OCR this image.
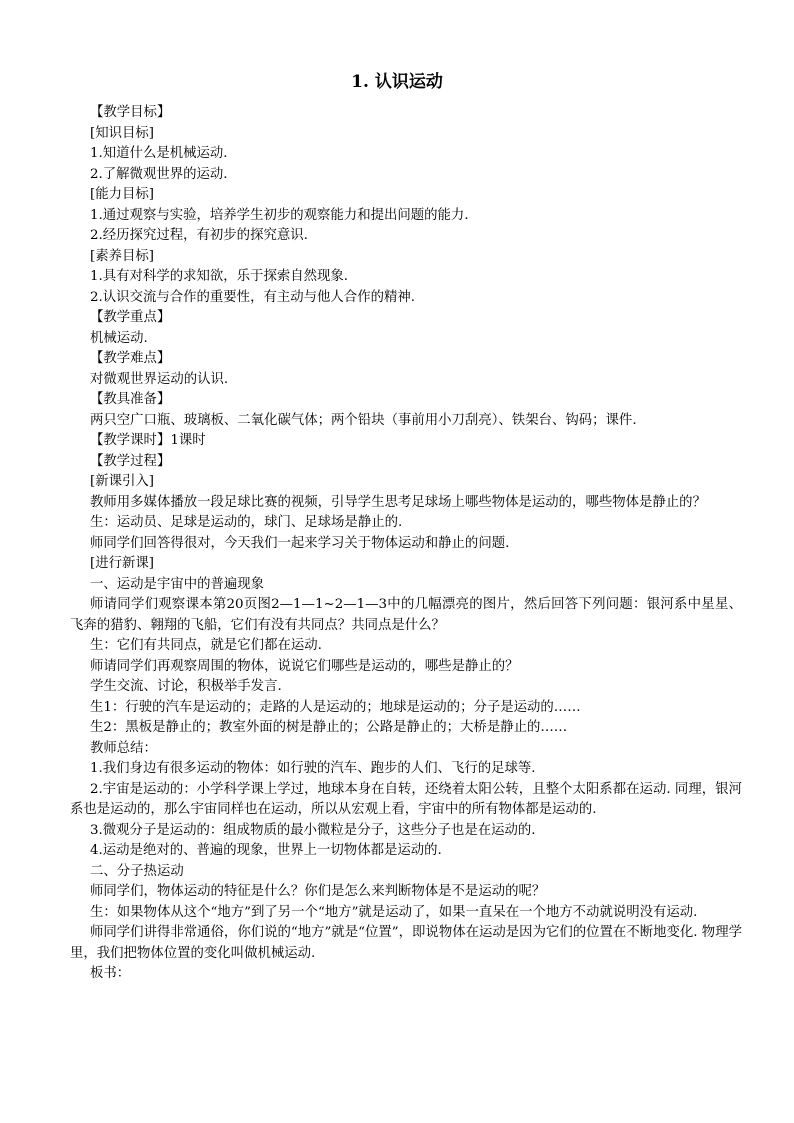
1. 认识运动

【教学目标】

[知识目标]

1.知道什么是机械运动.

2.了解微观世界的运动.

[能力目标]

1.通过观察与实验，培养学生初步的观察能力和提出问题的能力.

2.经历探究过程，有初步的探究意识.

[素养目标]

1.具有对科学的求知欲，乐于探索自然现象.

2.认识交流与合作的重要性，有主动与他人合作的精神.

【教学重点】

机械运动.

【教学难点】

对微观世界运动的认识.

【教具准备】

两只空广口瓶、玻璃板、二氧化碳气体；两个铅块（事前用小刀刮亮）、铁架台、钩码；课件.

【教学课时】1课时

【教学过程】

[新课引入]

教师用多媒体播放一段足球比赛的视频，引导学生思考足球场上哪些物体是运动的，哪些物体是静止的？

生：运动员、足球是运动的，球门、足球场是静止的.

师同学们回答得很对，今天我们一起来学习关于物体运动和静止的问题.

[进行新课]

一、运动是宇宙中的普遍现象

师请同学们观察课本第20页图2—1—1~2—1—3中的几幅漂亮的图片，然后回答下列问题：银河系中星星、飞奔的猎豹、翱翔的飞船，它们有没有共同点？共同点是什么？

生：它们有共同点，就是它们都在运动.

师请同学们再观察周围的物体，说说它们哪些是运动的，哪些是静止的？

学生交流、讨论，积极举手发言.

生1：行驶的汽车是运动的；走路的人是运动的；地球是运动的；分子是运动的……

生2：黑板是静止的；教室外面的树是静止的；公路是静止的；大桥是静止的……

教师总结：

1.我们身边有很多运动的物体：如行驶的汽车、跑步的人们、飞行的足球等.

2.宇宙是运动的：小学科学课上学过，地球本身在自转，还绕着太阳公转，且整个太阳系都在运动. 同理，银河系也是运动的，那么宇宙同样也在运动，所以从宏观上看，宇宙中的所有物体都是运动的.

3.微观分子是运动的：组成物质的最小微粒是分子，这些分子也是在运动的.

4.运动是绝对的、普遍的现象，世界上一切物体都是运动的.

二、分子热运动

师同学们，物体运动的特征是什么？你们是怎么来判断物体是不是运动的呢？

生：如果物体从这个“地方”到了另一个“地方”就是运动了，如果一直呆在一个地方不动就说明没有运动.

师同学们讲得非常通俗，你们说的“地方”就是“位置”，即说物体在运动是因为它们的位置在不断地变化. 物理学里，我们把物体位置的变化叫做机械运动.

板书：
